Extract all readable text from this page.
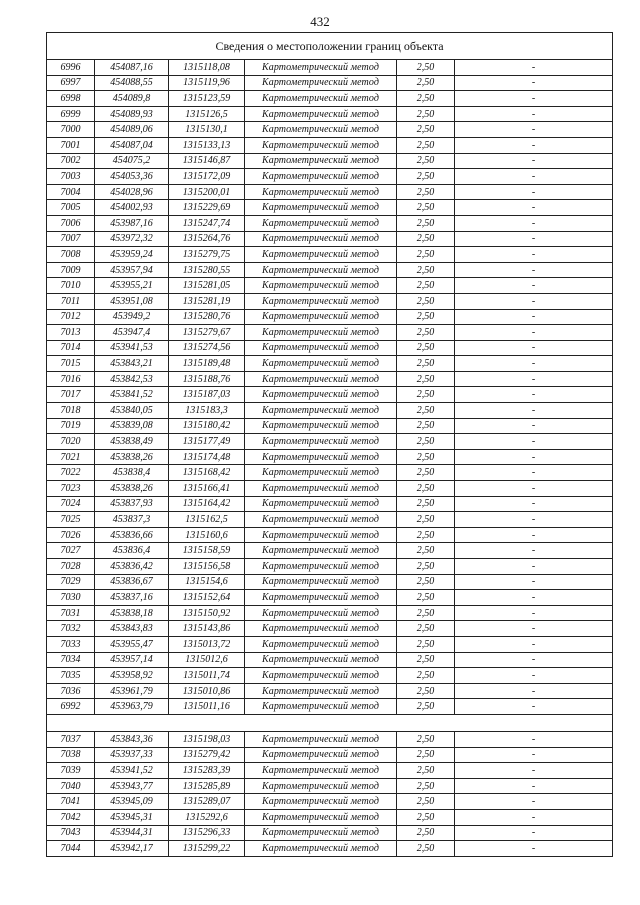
432
Сведения о местоположении границ объекта					
6996	454087,16	1315118,08	Картометрический метод	2,50	-
6997	454088,55	1315119,96	Картометрический метод	2,50	-
6998	454089,8	1315123,59	Картометрический метод	2,50	-
6999	454089,93	1315126,5	Картометрический метод	2,50	-
7000	454089,06	1315130,1	Картометрический метод	2,50	-
7001	454087,04	1315133,13	Картометрический метод	2,50	-
7002	454075,2	1315146,87	Картометрический метод	2,50	-
7003	454053,36	1315172,09	Картометрический метод	2,50	-
7004	454028,96	1315200,01	Картометрический метод	2,50	-
7005	454002,93	1315229,69	Картометрический метод	2,50	-
7006	453987,16	1315247,74	Картометрический метод	2,50	-
7007	453972,32	1315264,76	Картометрический метод	2,50	-
7008	453959,24	1315279,75	Картометрический метод	2,50	-
7009	453957,94	1315280,55	Картометрический метод	2,50	-
7010	453955,21	1315281,05	Картометрический метод	2,50	-
7011	453951,08	1315281,19	Картометрический метод	2,50	-
7012	453949,2	1315280,76	Картометрический метод	2,50	-
7013	453947,4	1315279,67	Картометрический метод	2,50	-
7014	453941,53	1315274,56	Картометрический метод	2,50	-
7015	453843,21	1315189,48	Картометрический метод	2,50	-
7016	453842,53	1315188,76	Картометрический метод	2,50	-
7017	453841,52	1315187,03	Картометрический метод	2,50	-
7018	453840,05	1315183,3	Картометрический метод	2,50	-
7019	453839,08	1315180,42	Картометрический метод	2,50	-
7020	453838,49	1315177,49	Картометрический метод	2,50	-
7021	453838,26	1315174,48	Картометрический метод	2,50	-
7022	453838,4	1315168,42	Картометрический метод	2,50	-
7023	453838,26	1315166,41	Картометрический метод	2,50	-
7024	453837,93	1315164,42	Картометрический метод	2,50	-
7025	453837,3	1315162,5	Картометрический метод	2,50	-
7026	453836,66	1315160,6	Картометрический метод	2,50	-
7027	453836,4	1315158,59	Картометрический метод	2,50	-
7028	453836,42	1315156,58	Картометрический метод	2,50	-
7029	453836,67	1315154,6	Картометрический метод	2,50	-
7030	453837,16	1315152,64	Картометрический метод	2,50	-
7031	453838,18	1315150,92	Картометрический метод	2,50	-
7032	453843,83	1315143,86	Картометрический метод	2,50	-
7033	453955,47	1315013,72	Картометрический метод	2,50	-
7034	453957,14	1315012,6	Картометрический метод	2,50	-
7035	453958,92	1315011,74	Картометрический метод	2,50	-
7036	453961,79	1315010,86	Картометрический метод	2,50	-
6992	453963,79	1315011,16	Картометрический метод	2,50	-

7037	453843,36	1315198,03	Картометрический метод	2,50	-
7038	453937,33	1315279,42	Картометрический метод	2,50	-
7039	453941,52	1315283,39	Картометрический метод	2,50	-
7040	453943,77	1315285,89	Картометрический метод	2,50	-
7041	453945,09	1315289,07	Картометрический метод	2,50	-
7042	453945,31	1315292,6	Картометрический метод	2,50	-
7043	453944,31	1315296,33	Картометрический метод	2,50	-
7044	453942,17	1315299,22	Картометрический метод	2,50	-
